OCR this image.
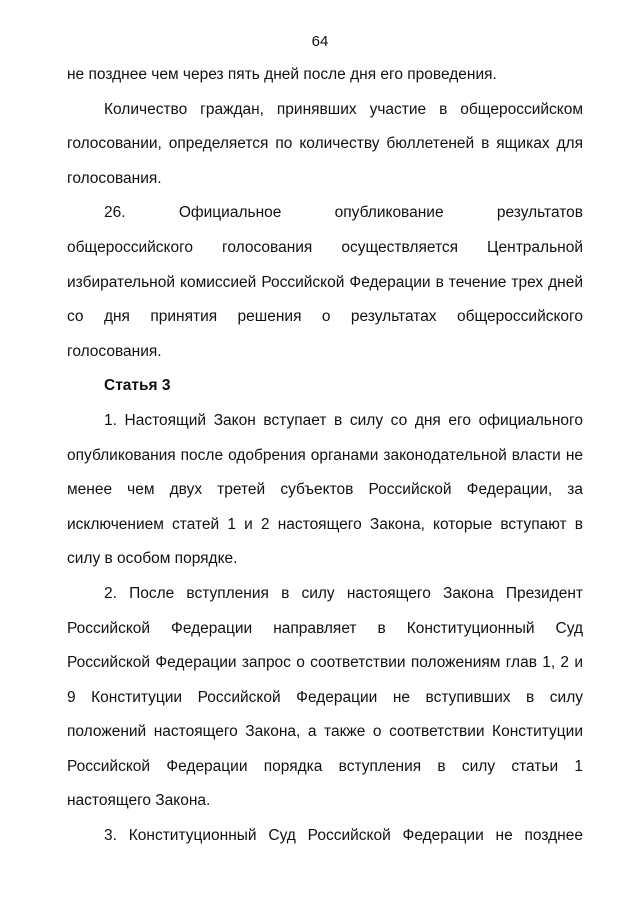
64

не позднее чем через пять дней после дня его проведения.

Количество граждан, принявших участие в общероссийском голосовании, определяется по количеству бюллетеней в ящиках для голосования.

26. Официальное опубликование результатов

общероссийского голосования осуществляется Центральной избирательной комиссией Российской Федерации в течение трех дней со дня принятия решения о результатах общероссийского голосования.

Статья 3

1. Настоящий Закон вступает в силу со дня его официального опубликования после одобрения органами законодательной власти не менее чем двух третей субъектов Российской Федерации, за исключением статей 1 и 2 настоящего Закона, которые вступают в силу в особом порядке.

2. После вступления в силу настоящего Закона Президент Российской Федерации направляет в Конституционный Суд Российской Федерации запрос о соответствии положениям глав 1, 2 и 9 Конституции Российской Федерации не вступивших в силу положений настоящего Закона, а также о соответствии Конституции Российской Федерации порядка вступления в силу статьи 1 настоящего Закона.

3. Конституционный Суд Российской Федерации не позднее
